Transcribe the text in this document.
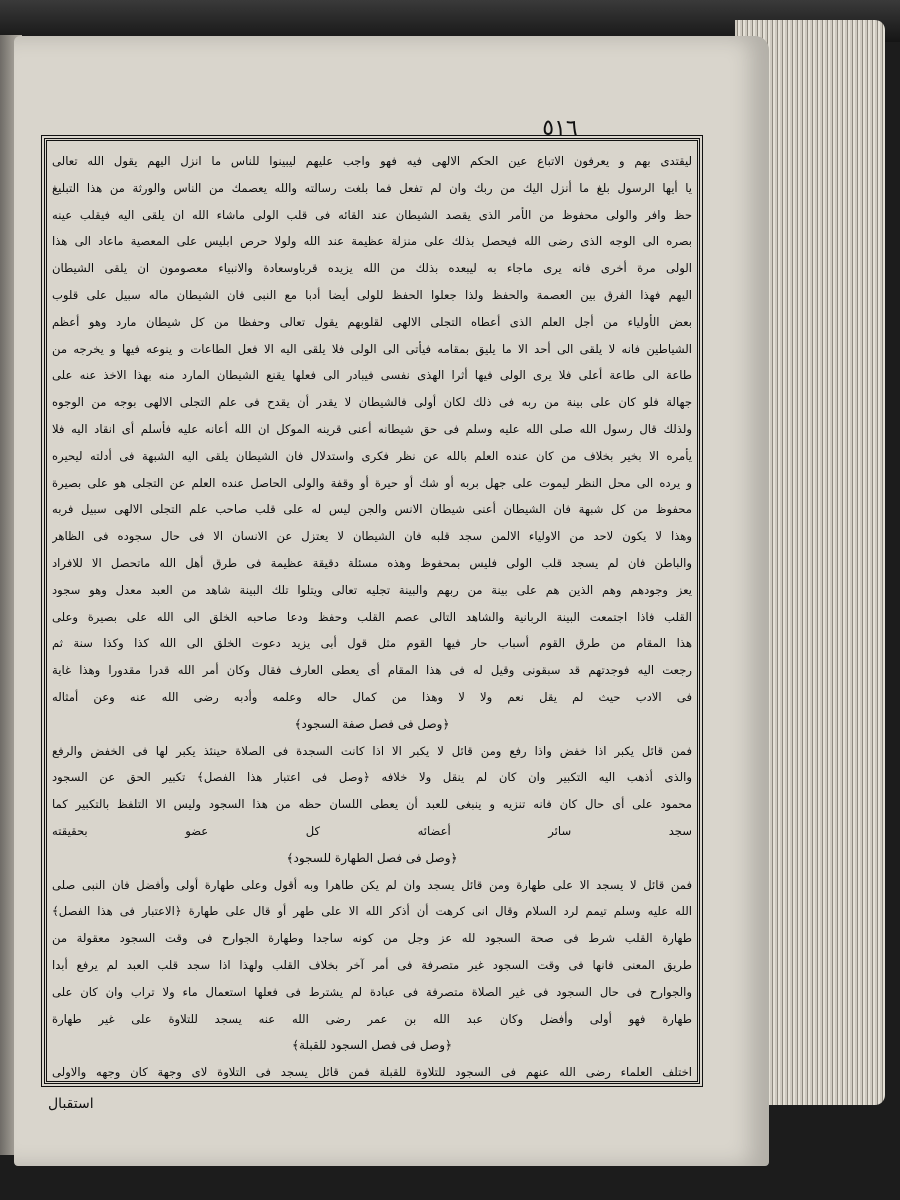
٥١٦
ليقتدى بهم و يعرفون الاتباع عين الحكم الالهى فيه فهو واجب عليهم ليبينوا للناس ما انزل اليهم يقول الله تعالى
يا أيها الرسول بلغ ما أنزل اليك من ربك وان لم تفعل فما بلغت رسالته والله يعصمك من الناس والورثة من هذا التبليغ
حظ وافر والولى محفوظ من الأمر الذى يقصد الشيطان عند القائه فى قلب الولى ماشاء الله ان يلقى اليه فيقلب عينه
بصره الى الوجه الذى رضى الله فيحصل بذلك على منزلة عظيمة عند الله ولولا حرص ابليس على المعصية ماعاد الى هذا
الولى مرة أخرى فانه يرى ماجاء به ليبعده بذلك من الله يزيده قرباوسعادة والانبياء معصومون ان يلقى الشيطان
اليهم فهذا الفرق بين العصمة والحفظ ولذا جعلوا الحفظ للولى أيضا أدبا مع النبى فان الشيطان ماله سبيل على قلوب
بعض الأولياء من أجل العلم الذى أعطاه التجلى الالهى لقلوبهم يقول تعالى وحفظا من كل شيطان مارد وهو أعظم
الشياطين فانه لا يلقى الى أحد الا ما يليق بمقامه فيأتى الى الولى فلا يلقى اليه الا فعل الطاعات و ينوعه فيها و يخرجه من
طاعة الى طاعة أعلى فلا يرى الولى فيها أثرا الهذى نفسى فيبادر الى فعلها يقنع الشيطان المارد منه بهذا الاخذ عنه على
جهالة فلو كان على بينة من ربه فى ذلك لكان أولى فالشيطان لا يقدر أن يقدح فى علم التجلى الالهى بوجه من الوجوه
ولذلك قال رسول الله صلى الله عليه وسلم فى حق شيطانه أعنى قرينه الموكل ان الله أعانه عليه فأسلم أى انقاد اليه فلا
يأمره الا بخير بخلاف من كان عنده العلم بالله عن نظر فكرى واستدلال فان الشيطان يلقى اليه الشبهة فى أدلته ليحيره
و يرده الى محل النظر ليموت على جهل بربه أو شك أو حيرة أو وقفة والولى الحاصل عنده العلم عن التجلى هو على بصيرة
محفوظ من كل شبهة فان الشيطان أعنى شيطان الانس والجن ليس له على قلب صاحب علم التجلى الالهى سبيل فربه
وهذا لا يكون لاحد من الاولياء الالمن سجد قلبه فان الشيطان لا يعتزل عن الانسان الا فى حال سجوده فى الظاهر
والباطن فان لم يسجد قلب الولى فليس بمحفوظ وهذه مسئلة دقيقة عظيمة فى طرق أهل الله ماتحصل الا للافراد
يعز وجودهم وهم الذين هم على بينة من ربهم والبينة تجليه تعالى ويتلوا تلك البينة شاهد من العبد معدل وهو سجود
القلب فاذا اجتمعت البينة الربانية والشاهد التالى عصم القلب وحفظ ودعا صاحبه الخلق الى الله على بصيرة وعلى
هذا المقام من طرق القوم أسباب حار فيها القوم مثل قول أبى يزيد دعوت الخلق الى الله كذا وكذا سنة ثم
رجعت اليه فوجدتهم قد سبقونى وقيل له فى هذا المقام أى يعطى العارف فقال وكان أمر الله قدرا مقدورا وهذا غاية
فى الادب حيث لم يقل نعم ولا لا وهذا من كمال حاله وعلمه وأدبه رضى الله عنه وعن أمثاله
﴿وصل فى فصل صفة السجود﴾
فمن قائل يكبر اذا خفض واذا رفع ومن قائل لا يكبر الا اذا كانت السجدة فى الصلاة حينئذ يكبر لها فى الخفض والرفع
والذى أذهب اليه التكبير وان كان لم ينقل ولا خلافه ﴿وصل فى اعتبار هذا الفصل﴾ تكبير الحق عن السجود
محمود على أى حال كان فانه تنزيه و ينبغى للعبد أن يعطى اللسان حظه من هذا السجود وليس الا التلفظ بالتكبير كما
سجد سائر أعضائه كل عضو بحقيقته
﴿وصل فى فصل الطهارة للسجود﴾
فمن قائل لا يسجد الا على طهارة ومن قائل يسجد وان لم يكن طاهرا وبه أقول وعلى طهارة أولى وأفضل فان النبى صلى
الله عليه وسلم تيمم لرد السلام وقال انى كرهت أن أذكر الله الا على طهر أو قال على طهارة ﴿الاعتبار فى هذا الفصل﴾
طهارة القلب شرط فى صحة السجود لله عز وجل من كونه ساجدا وطهارة الجوارح فى وقت السجود معقولة من
طريق المعنى فانها فى وقت السجود غير متصرفة فى أمر آخر بخلاف القلب ولهذا اذا سجد قلب العبد لم يرفع أبدا
والجوارح فى حال السجود فى غير الصلاة متصرفة فى عبادة لم يشترط فى فعلها استعمال ماء ولا تراب وان كان على
طهارة فهو أولى وأفضل وكان عبد الله بن عمر رضى الله عنه يسجد للتلاوة على غير طهارة
﴿وصل فى فصل السجود للقبلة﴾
اختلف العلماء رضى الله عنهم فى السجود للتلاوة للقبلة فمن قائل يسجد فى التلاوة لاى وجهة كان وجهه والاولى
استقبال
